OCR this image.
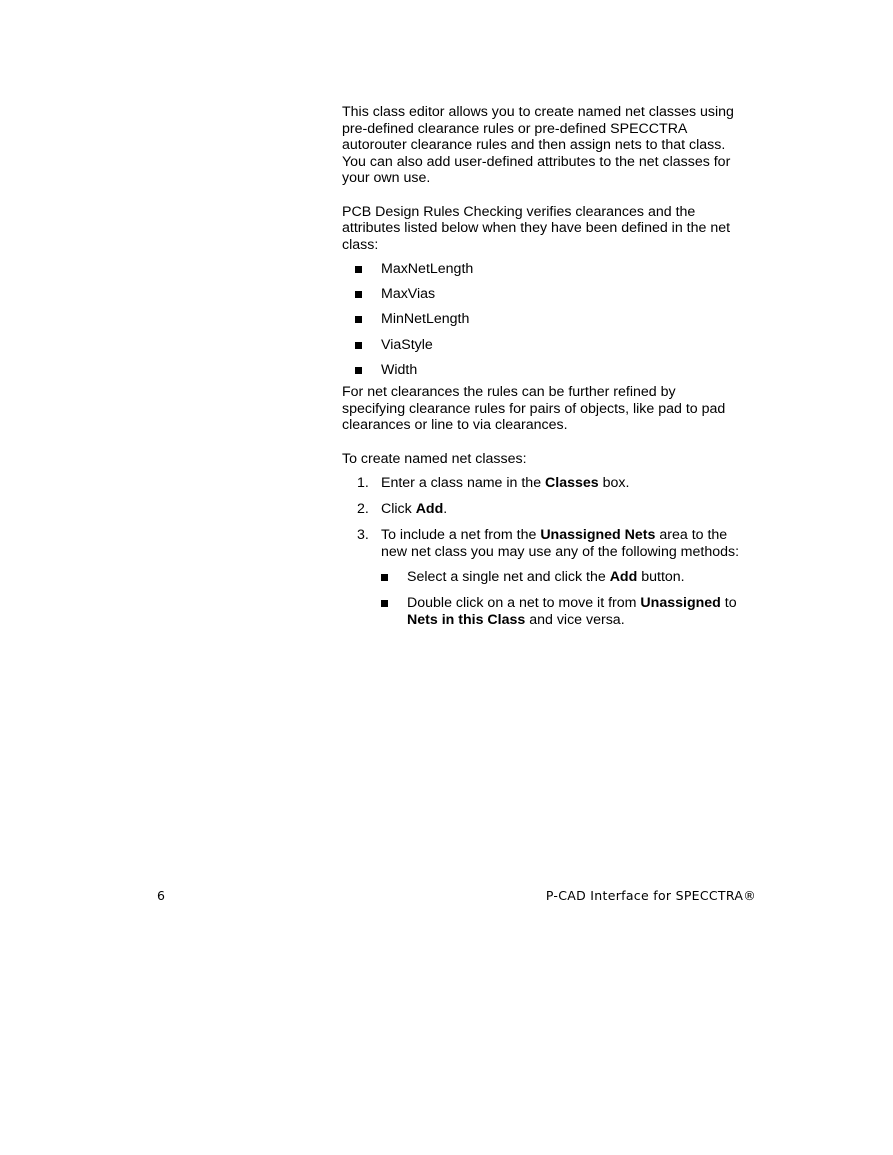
This class editor allows you to create named net classes using pre-defined clearance rules or pre-defined SPECCTRA autorouter clearance rules and then assign nets to that class. You can also add user-defined attributes to the net classes for your own use.

PCB Design Rules Checking verifies clearances and the attributes listed below when they have been defined in the net class:

MaxNetLength
MaxVias
MinNetLength
ViaStyle
Width

For net clearances the rules can be further refined by specifying clearance rules for pairs of objects, like pad to pad clearances or line to via clearances.

To create named net classes:

1. Enter a class name in the Classes box.
2. Click Add.
3. To include a net from the Unassigned Nets area to the new net class you may use any of the following methods:
Select a single net and click the Add button.
Double click on a net to move it from Unassigned to Nets in this Class and vice versa.
6	P-CAD Interface for SPECCTRA®
